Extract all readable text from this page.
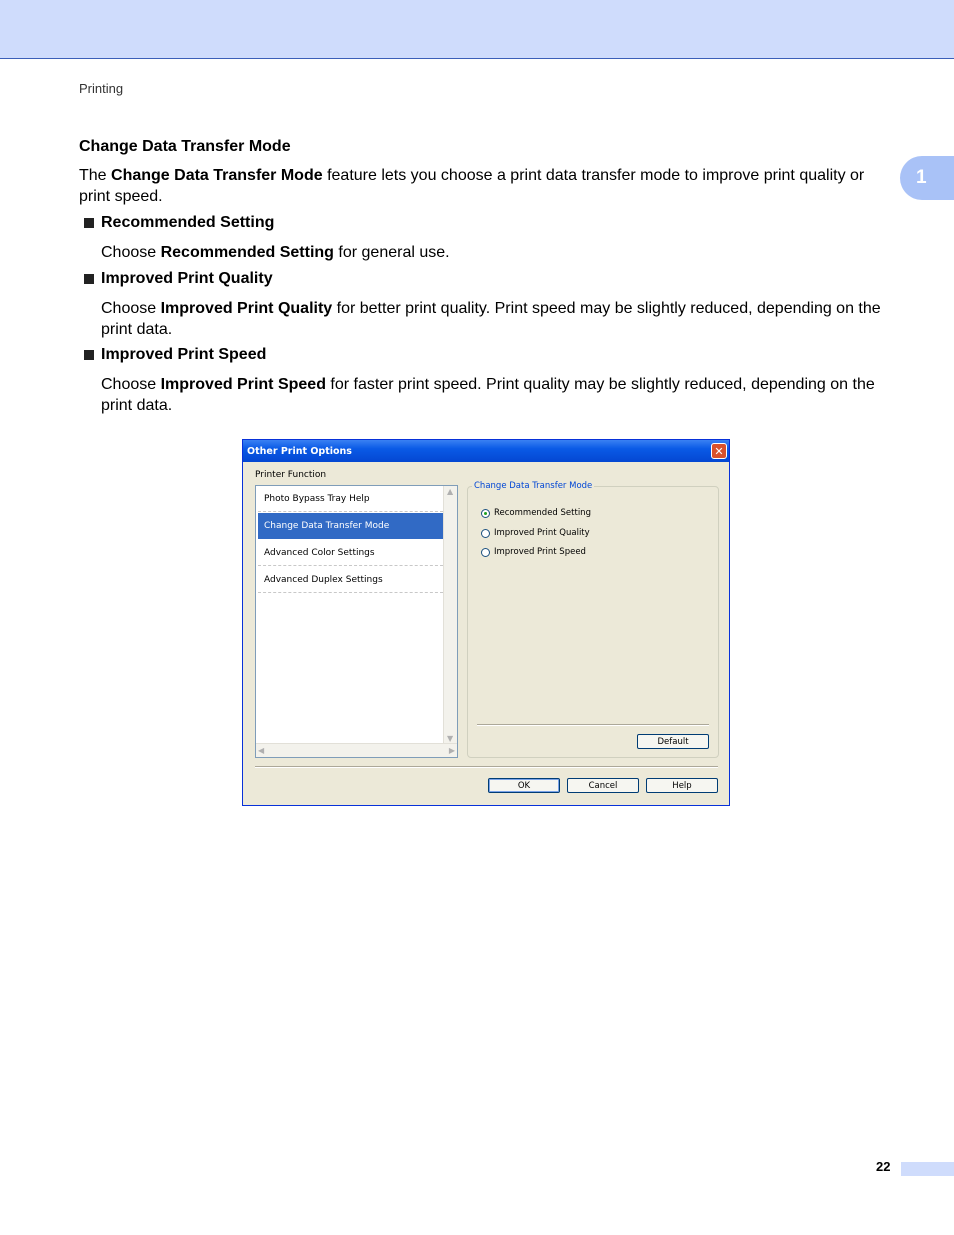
Printing
1
Change Data Transfer Mode
The Change Data Transfer Mode feature lets you choose a print data transfer mode to improve print quality or print speed.
Recommended Setting
Choose Recommended Setting for general use.
Improved Print Quality
Choose Improved Print Quality for better print quality. Print speed may be slightly reduced, depending on the print data.
Improved Print Speed
Choose Improved Print Speed for faster print speed. Print quality may be slightly reduced, depending on the print data.
Other Print Options	✕
Printer Function
Photo Bypass Tray Help
Change Data Transfer Mode
Advanced Color Settings
Advanced Duplex Settings
▲
▼
◀	▶
Change Data Transfer Mode
Recommended Setting
Improved Print Quality
Improved Print Speed
Default
OK	Cancel	Help
22
